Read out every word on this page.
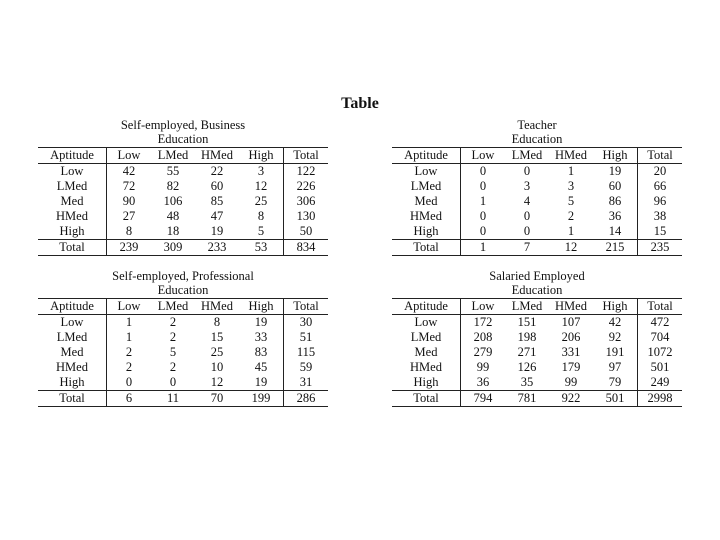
Table
Self-employed, Business
Education
Aptitude	Low	LMed	HMed	High	Total
Low	42	55	22	3	122
LMed	72	82	60	12	226
Med	90	106	85	25	306
HMed	27	48	47	8	130
High	8	18	19	5	50
Total	239	309	233	53	834
Teacher
Education
Aptitude	Low	LMed	HMed	High	Total
Low	0	0	1	19	20
LMed	0	3	3	60	66
Med	1	4	5	86	96
HMed	0	0	2	36	38
High	0	0	1	14	15
Total	1	7	12	215	235
Self-employed, Professional
Education
Aptitude	Low	LMed	HMed	High	Total
Low	1	2	8	19	30
LMed	1	2	15	33	51
Med	2	5	25	83	115
HMed	2	2	10	45	59
High	0	0	12	19	31
Total	6	11	70	199	286
Salaried Employed
Education
Aptitude	Low	LMed	HMed	High	Total
Low	172	151	107	42	472
LMed	208	198	206	92	704
Med	279	271	331	191	1072
HMed	99	126	179	97	501
High	36	35	99	79	249
Total	794	781	922	501	2998
